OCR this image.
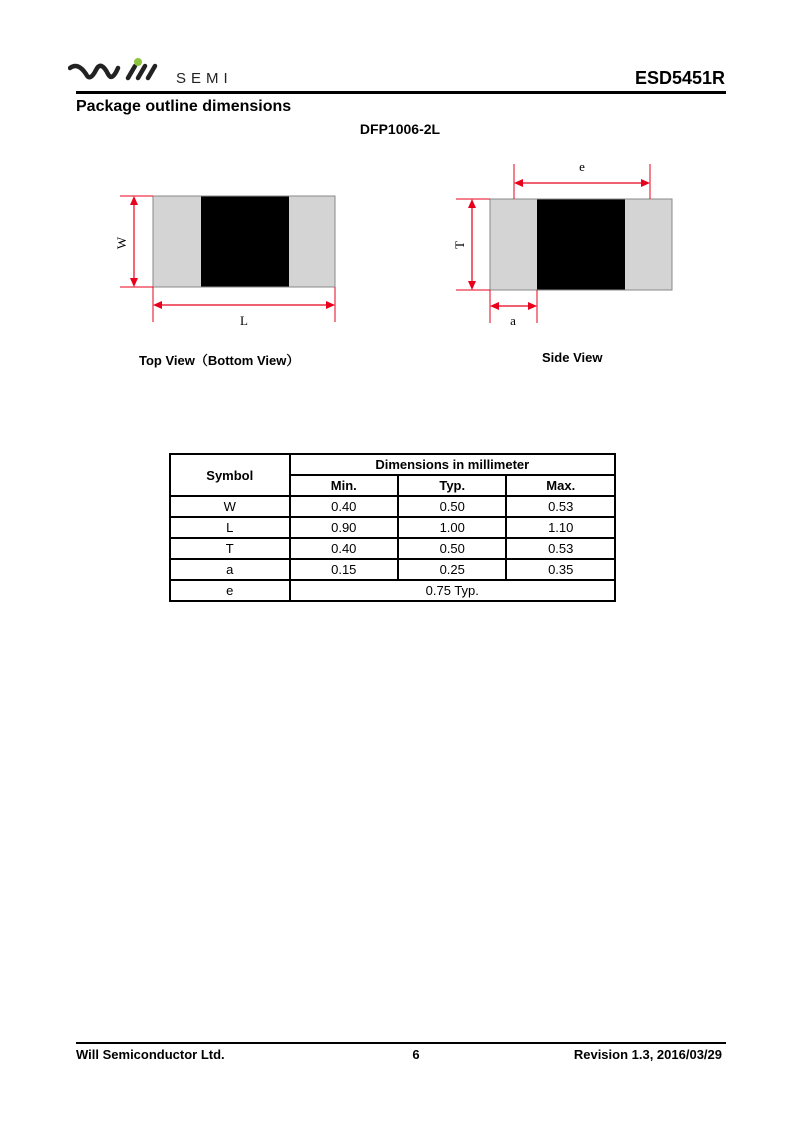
SEMI	ESD5451R
Package outline dimensions
DFP1006-2L
W
L
Top View（Bottom View）
e
T
a
Side View
Symbol	Dimensions in millimeter		
	Min.	Typ.	Max.
W	0.40	0.50	0.53
L	0.90	1.00	1.10
T	0.40	0.50	0.53
a	0.15	0.25	0.35
e	0.75 Typ.		
Will Semiconductor Ltd.	6	Revision 1.3, 2016/03/29
